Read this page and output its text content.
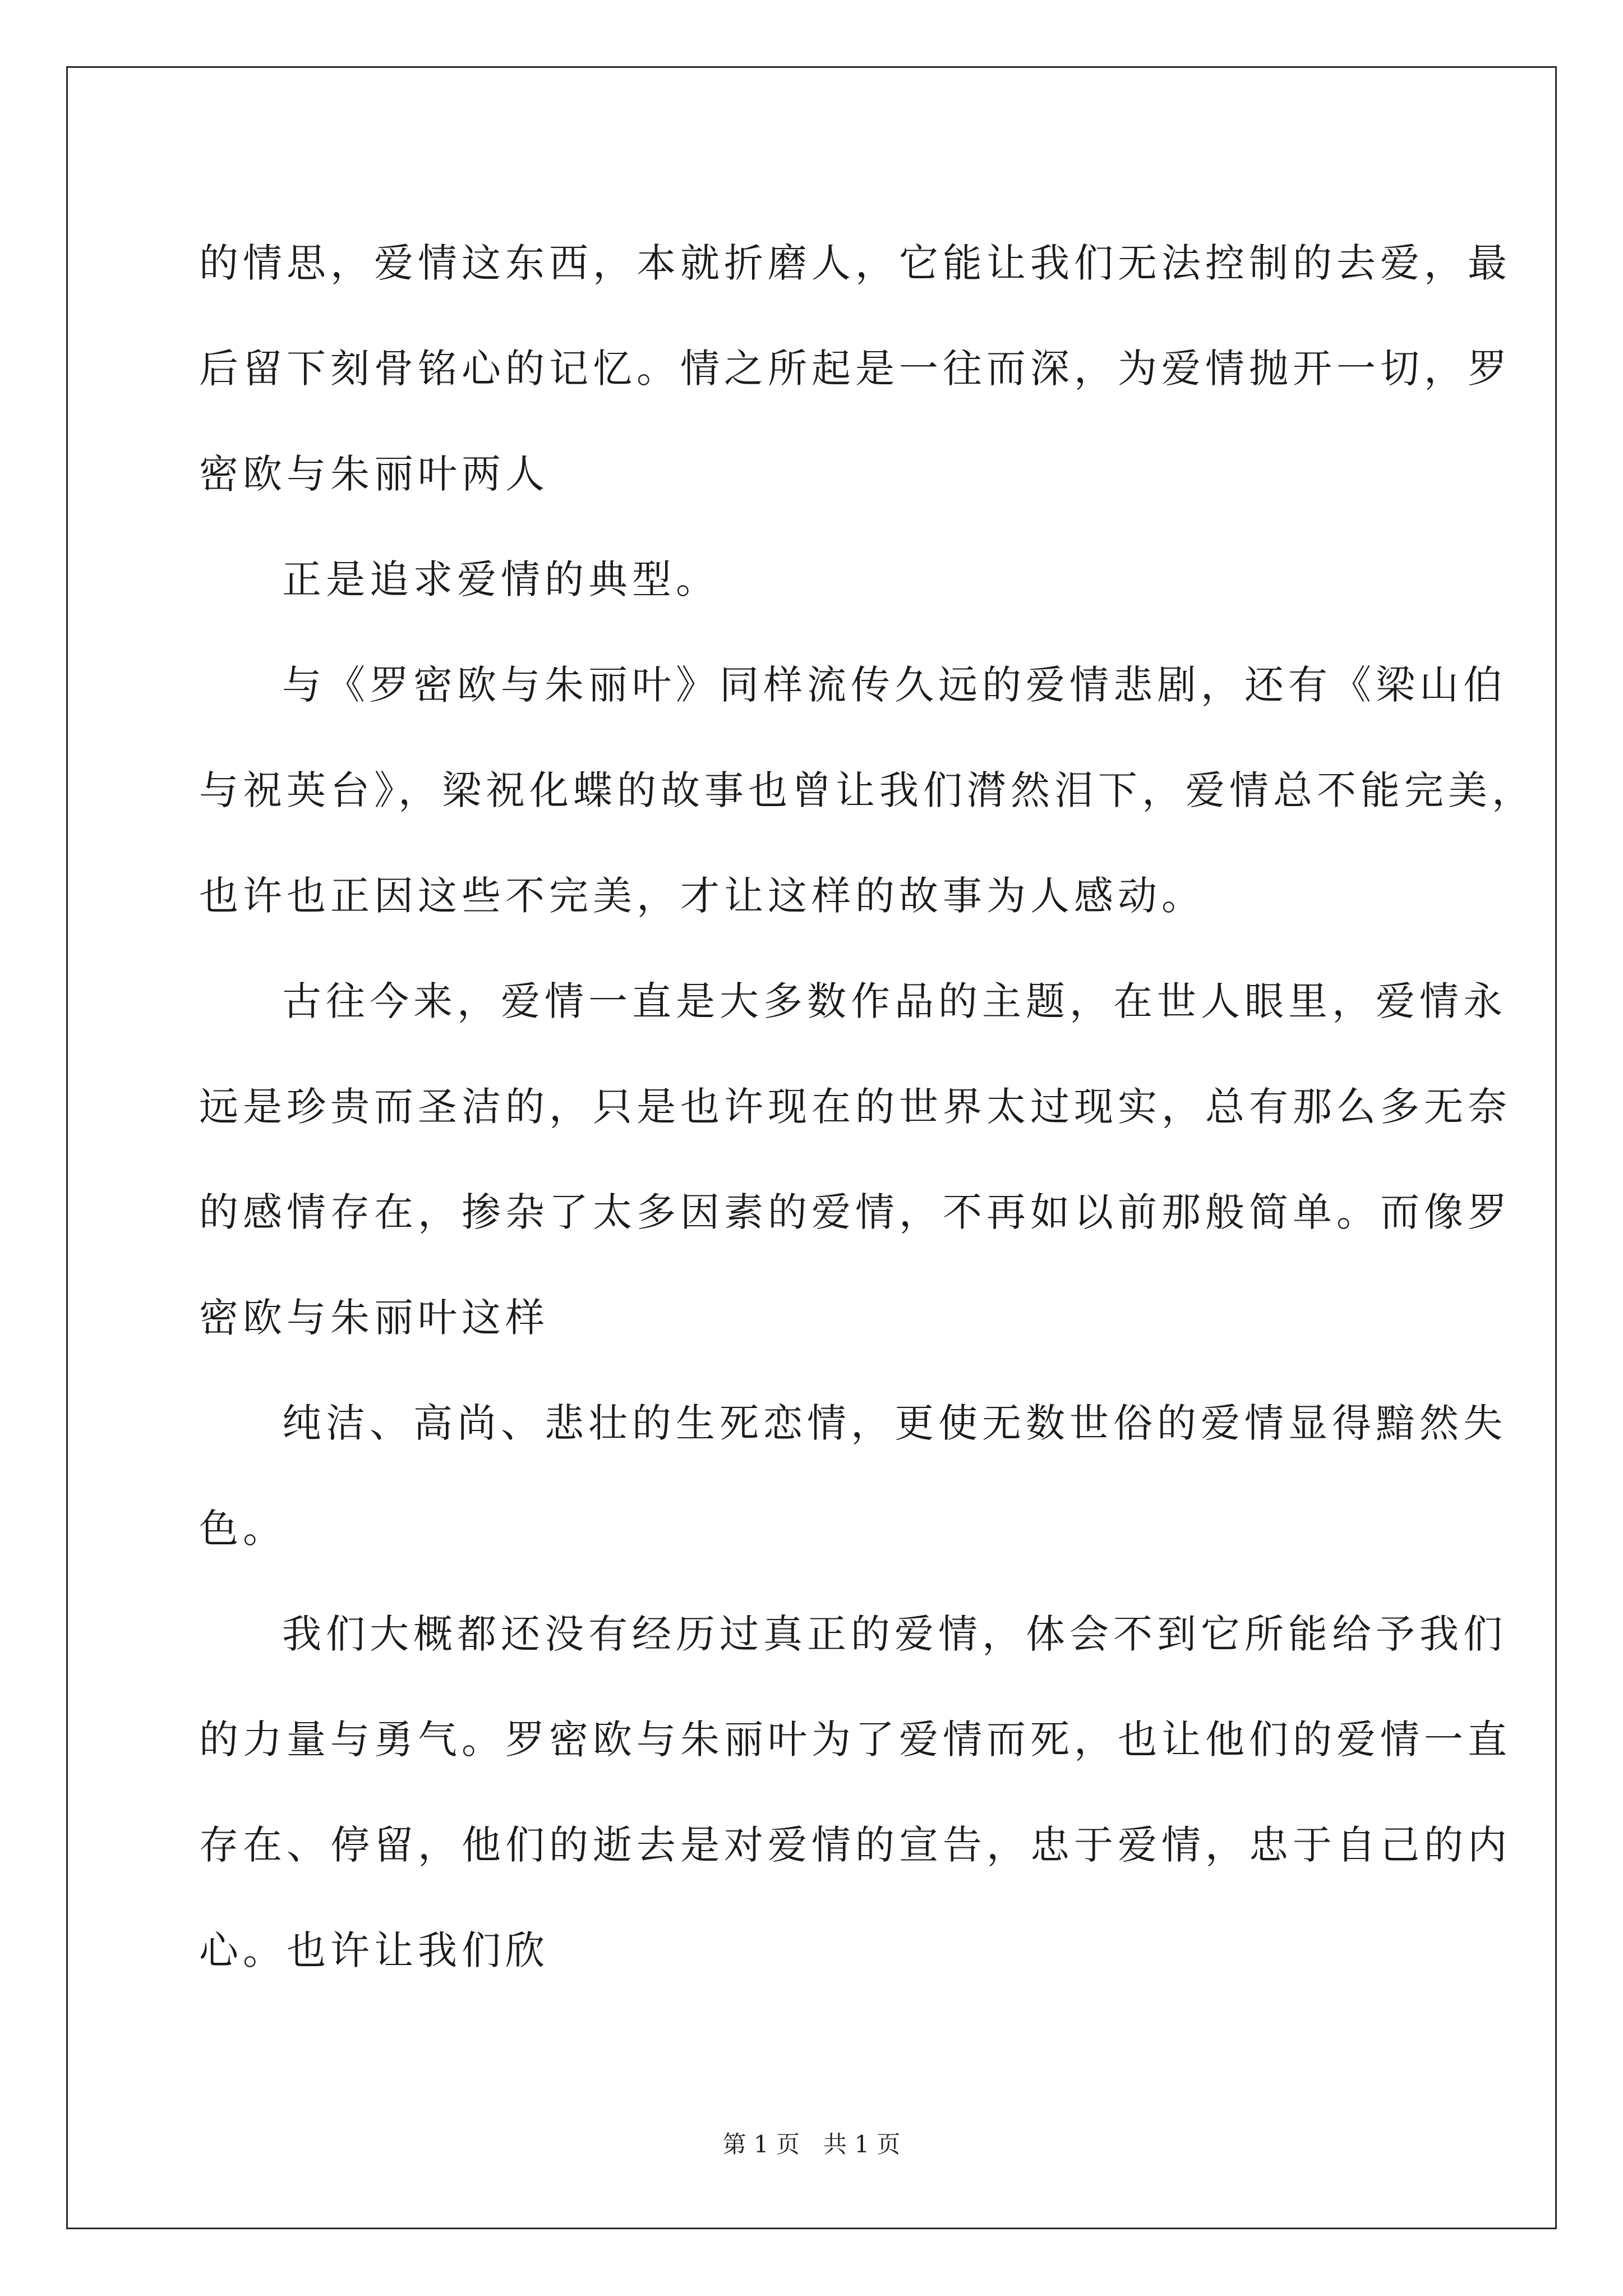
的情思，爱情这东西，本就折磨人，它能让我们无法控制的去爱，最
后留下刻骨铭心的记忆。情之所起是一往而深，为爱情抛开一切，罗
密欧与朱丽叶两人
正是追求爱情的典型。
与《罗密欧与朱丽叶》同样流传久远的爱情悲剧，还有《梁山伯
与祝英台》，梁祝化蝶的故事也曾让我们潸然泪下，爱情总不能完美，
也许也正因这些不完美，才让这样的故事为人感动。
古往今来，爱情一直是大多数作品的主题，在世人眼里，爱情永
远是珍贵而圣洁的，只是也许现在的世界太过现实，总有那么多无奈
的感情存在，掺杂了太多因素的爱情，不再如以前那般简单。而像罗
密欧与朱丽叶这样
纯洁、高尚、悲壮的生死恋情，更使无数世俗的爱情显得黯然失
色。
我们大概都还没有经历过真正的爱情，体会不到它所能给予我们
的力量与勇气。罗密欧与朱丽叶为了爱情而死，也让他们的爱情一直
存在、停留，他们的逝去是对爱情的宣告，忠于爱情，忠于自己的内
心。也许让我们欣
第 1 页　共 1 页
